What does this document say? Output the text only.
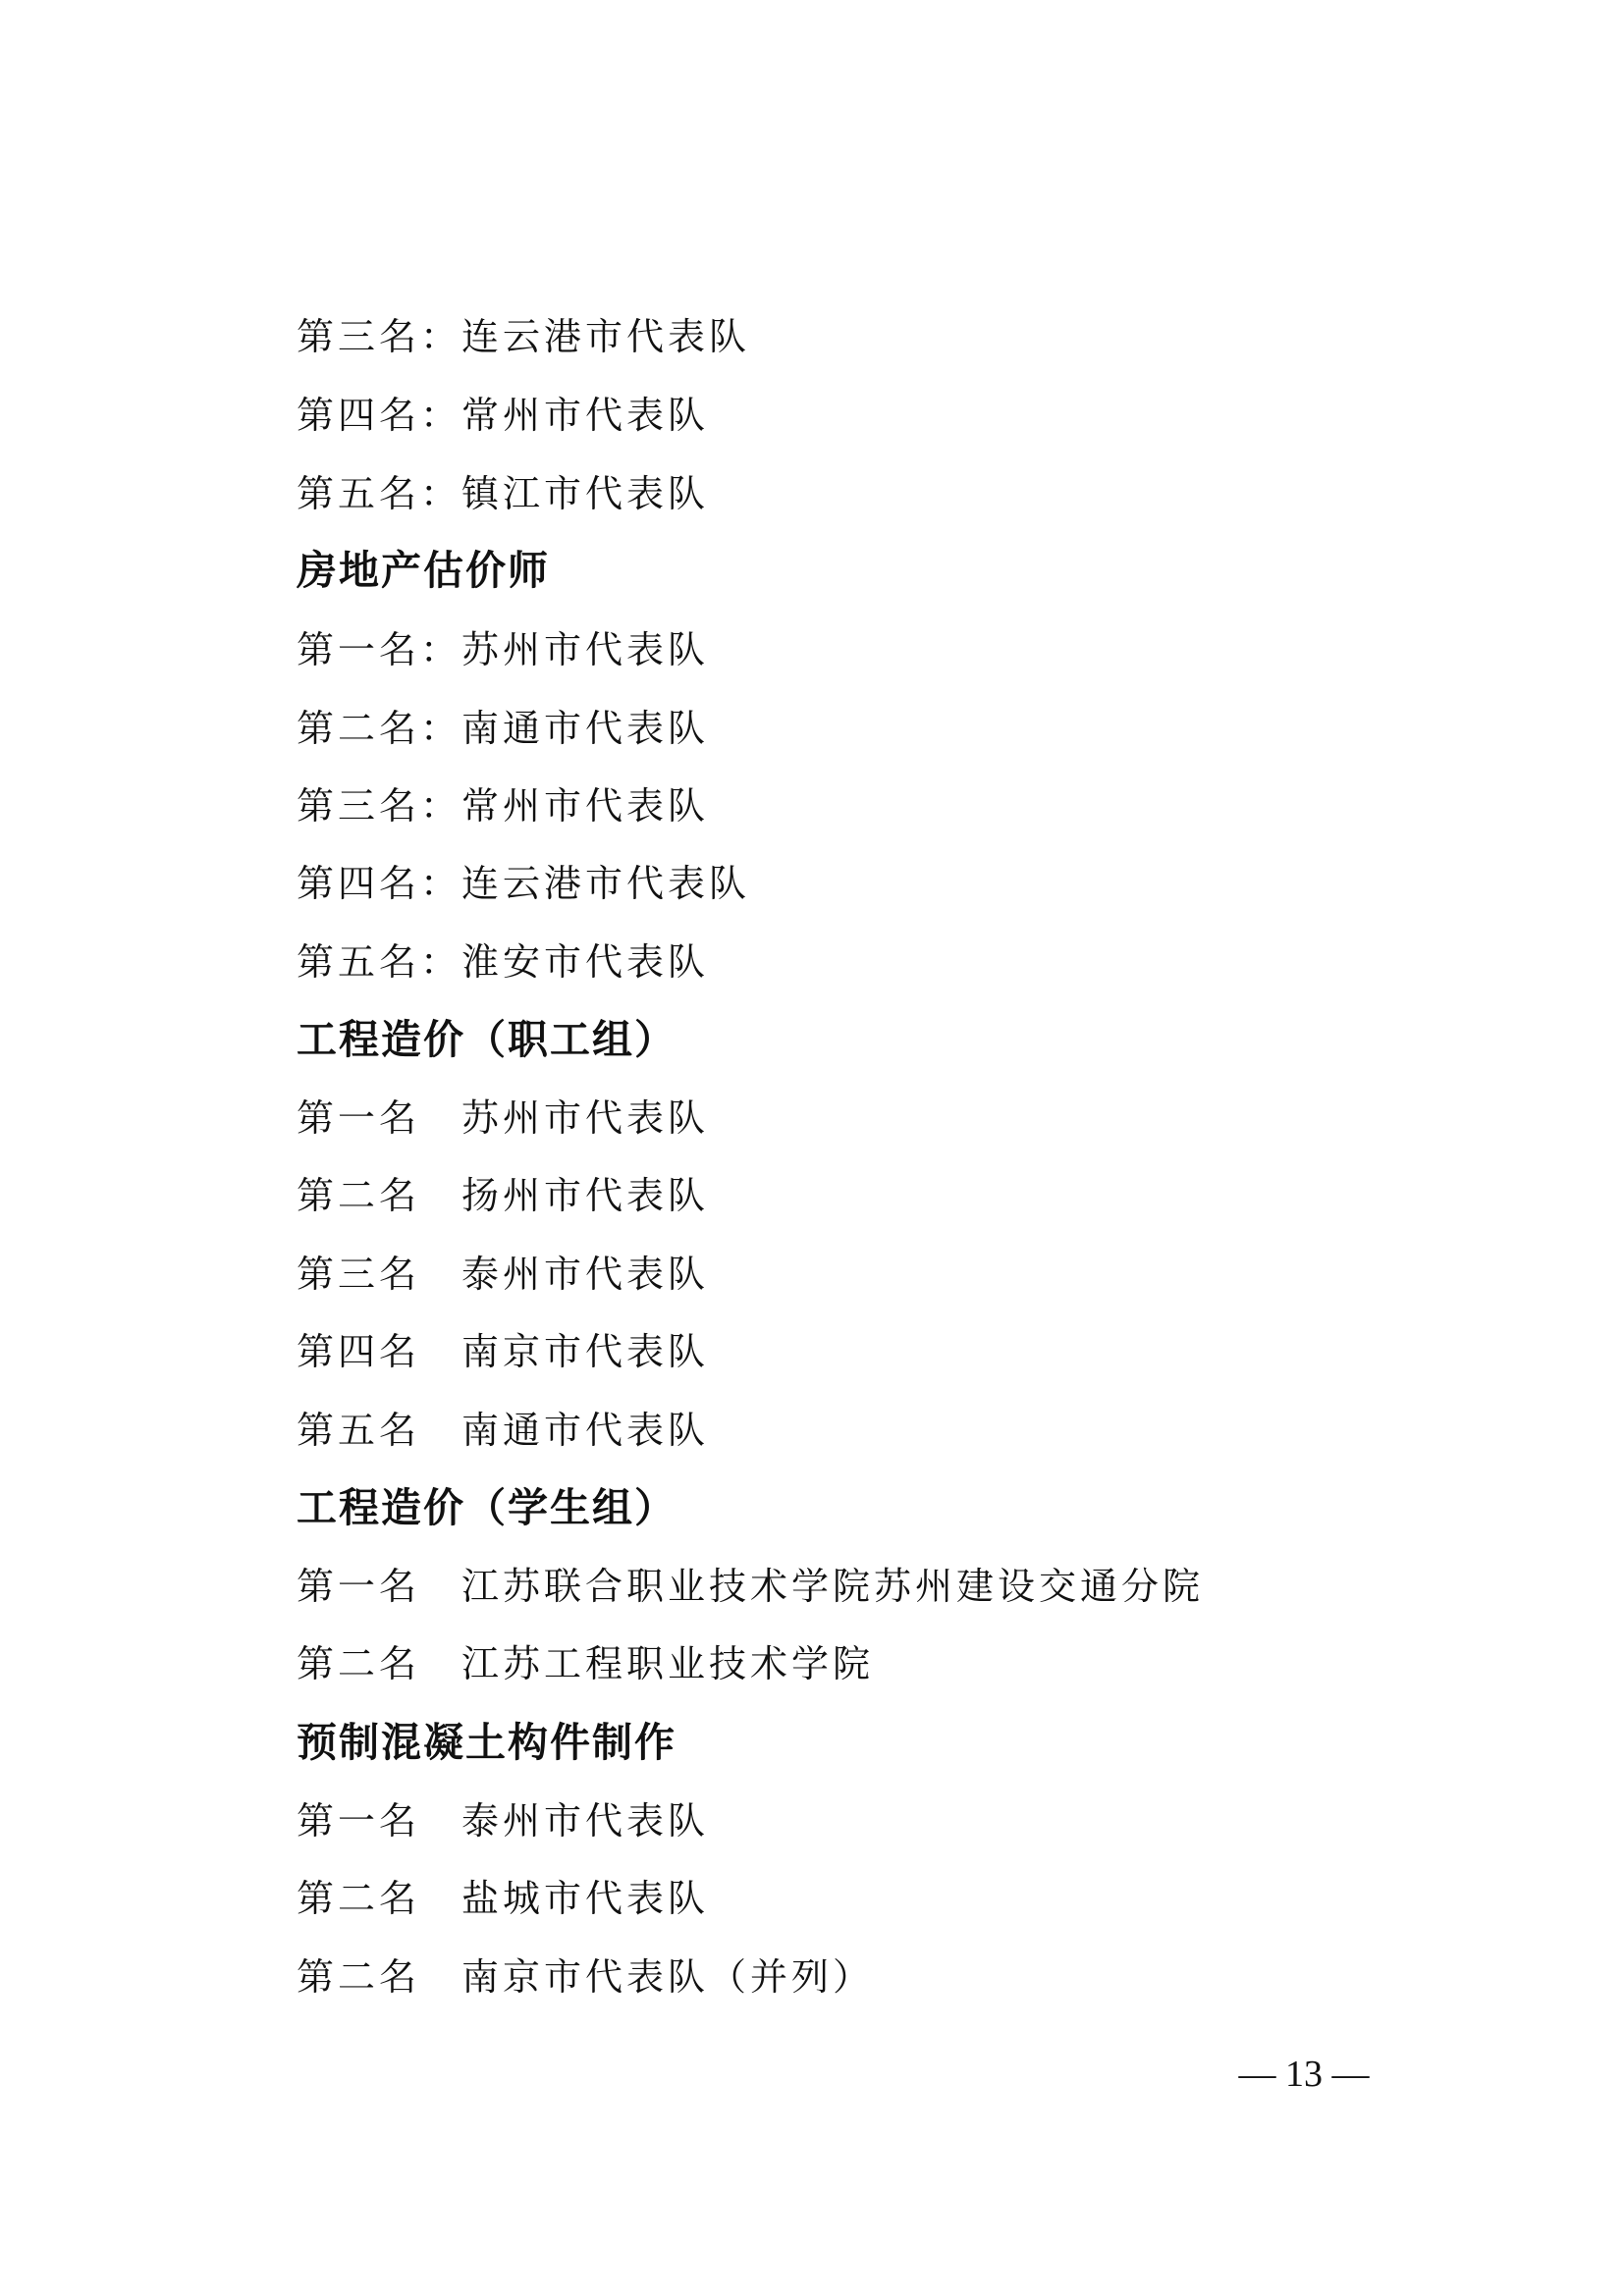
第三名：连云港市代表队
第四名：常州市代表队
第五名：镇江市代表队
房地产估价师
第一名：苏州市代表队
第二名：南通市代表队
第三名：常州市代表队
第四名：连云港市代表队
第五名：淮安市代表队
工程造价（职工组）
第一名　 苏州市代表队
第二名　 扬州市代表队
第三名　 泰州市代表队
第四名　 南京市代表队
第五名　 南通市代表队
工程造价（学生组）
第一名　 江苏联合职业技术学院苏州建设交通分院
第二名　 江苏工程职业技术学院
预制混凝土构件制作
第一名　 泰州市代表队
第二名　 盐城市代表队
第二名　 南京市代表队（并列）
— 13 —
